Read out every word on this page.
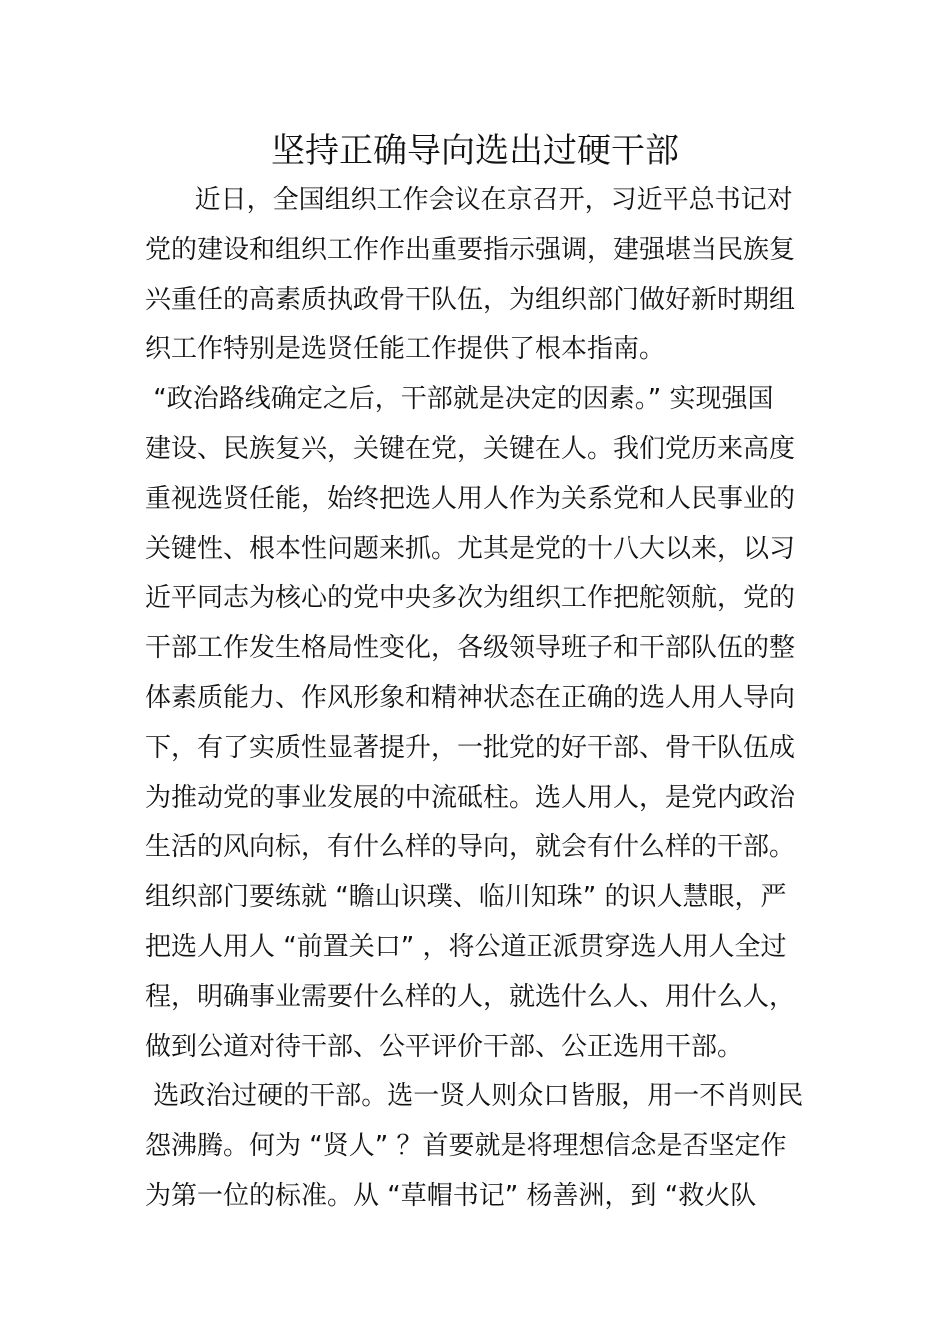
坚持正确导向选出过硬干部
近日，全国组织工作会议在京召开，习近平总书记对
党的建设和组织工作作出重要指示强调，建强堪当民族复
兴重任的高素质执政骨干队伍，为组织部门做好新时期组
织工作特别是选贤任能工作提供了根本指南。
“政治路线确定之后，干部就是决定的因素。” 实现强国
建设、民族复兴，关键在党，关键在人。我们党历来高度
重视选贤任能，始终把选人用人作为关系党和人民事业的
关键性、根本性问题来抓。尤其是党的十八大以来，以习
近平同志为核心的党中央多次为组织工作把舵领航，党的
干部工作发生格局性变化，各级领导班子和干部队伍的整
体素质能力、作风形象和精神状态在正确的选人用人导向
下，有了实质性显著提升，一批党的好干部、骨干队伍成
为推动党的事业发展的中流砥柱。选人用人，是党内政治
生活的风向标，有什么样的导向，就会有什么样的干部。
组织部门要练就 “瞻山识璞、临川知珠” 的识人慧眼，严
把选人用人 “前置关口” ，将公道正派贯穿选人用人全过
程，明确事业需要什么样的人，就选什么人、用什么人，
做到公道对待干部、公平评价干部、公正选用干部。
选政治过硬的干部。选一贤人则众口皆服，用一不肖则民
怨沸腾。何为 “贤人” ？首要就是将理想信念是否坚定作
为第一位的标准。从 “草帽书记” 杨善洲，到 “救火队
